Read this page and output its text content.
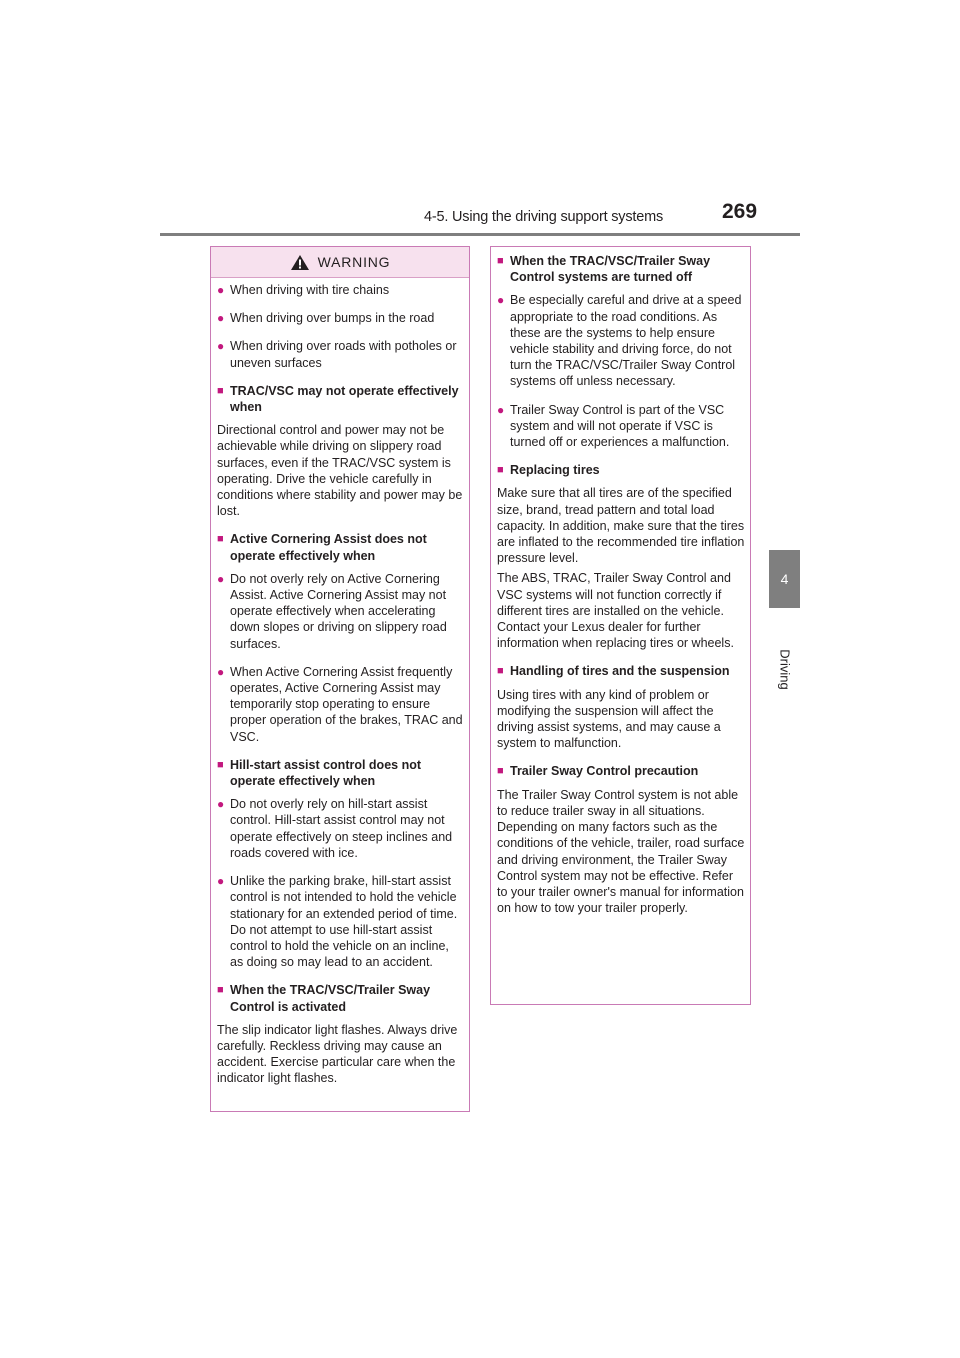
4-5. Using the driving support systems	269
4
Driving
WARNING
● When driving with tire chains
● When driving over bumps in the road
● When driving over roads with potholes or uneven surfaces
■ TRAC/VSC may not operate effectively when
Directional control and power may not be achievable while driving on slippery road surfaces, even if the TRAC/VSC system is operating. Drive the vehicle carefully in conditions where stability and power may be lost.
■ Active Cornering Assist does not operate effectively when
● Do not overly rely on Active Cornering Assist. Active Cornering Assist may not operate effectively when accelerating down slopes or driving on slippery road surfaces.
● When Active Cornering Assist frequently operates, Active Cornering Assist may temporarily stop operating to ensure proper operation of the brakes, TRAC and VSC.
■ Hill-start assist control does not operate effectively when
● Do not overly rely on hill-start assist control. Hill-start assist control may not operate effectively on steep inclines and roads covered with ice.
● Unlike the parking brake, hill-start assist control is not intended to hold the vehicle stationary for an extended period of time. Do not attempt to use hill-start assist control to hold the vehicle on an incline, as doing so may lead to an accident.
■ When the TRAC/VSC/Trailer Sway Control is activated
The slip indicator light flashes. Always drive carefully. Reckless driving may cause an accident. Exercise particular care when the indicator light flashes.
■ When the TRAC/VSC/Trailer Sway Control systems are turned off
● Be especially careful and drive at a speed appropriate to the road conditions. As these are the systems to help ensure vehicle stability and driving force, do not turn the TRAC/VSC/Trailer Sway Control systems off unless necessary.
● Trailer Sway Control is part of the VSC system and will not operate if VSC is turned off or experiences a malfunction.
■ Replacing tires
Make sure that all tires are of the specified size, brand, tread pattern and total load capacity. In addition, make sure that the tires are inflated to the recommended tire inflation pressure level.
The ABS, TRAC, Trailer Sway Control and VSC systems will not function correctly if different tires are installed on the vehicle. Contact your Lexus dealer for further information when replacing tires or wheels.
■ Handling of tires and the suspension
Using tires with any kind of problem or modifying the suspension will affect the driving assist systems, and may cause a system to malfunction.
■ Trailer Sway Control precaution
The Trailer Sway Control system is not able to reduce trailer sway in all situations. Depending on many factors such as the conditions of the vehicle, trailer, road surface and driving environment, the Trailer Sway Control system may not be effective. Refer to your trailer owner's manual for information on how to tow your trailer properly.
